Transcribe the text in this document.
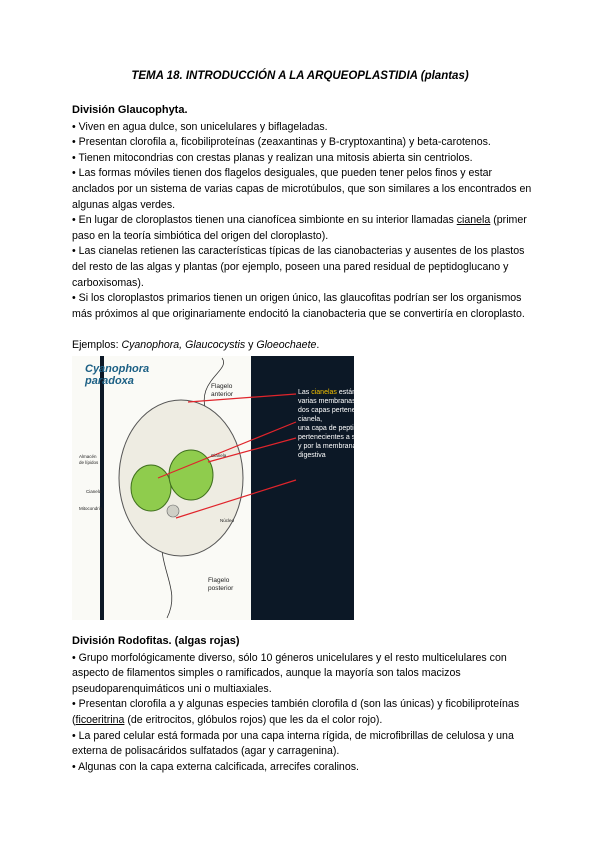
TEMA 18. INTRODUCCIÓN A LA ARQUEOPLASTIDIA (plantas)
División Glaucophyta.

• Viven en agua dulce, son unicelulares y biflageladas.

• Presentan clorofila a, ficobiliproteínas (zeaxantinas y B-cryptoxantina) y beta-carotenos.

• Tienen mitocondrias con crestas planas y realizan una mitosis abierta sin centriolos.

• Las formas móviles tienen dos flagelos desiguales, que pueden tener pelos finos y estar anclados por un sistema de varias capas de microtúbulos, que son similares a los encontrados en algunas algas verdes.

• En lugar de cloroplastos tienen una cianofícea simbionte en su interior llamadas cianela (primer paso en la teoría simbiótica del origen del cloroplasto).

• Las cianelas retienen las características típicas de las cianobacterias y ausentes de los plastos del resto de las algas y plantas (por ejemplo, poseen una pared residual de peptidoglucano y carboxisomas).

• Si los cloroplastos primarios tienen un origen único, las glaucofitas podrían ser los organismos más próximos al que originariamente endocitó la cianobacteria que se convertiría en cloroplasto.

Ejemplos: Cyanophora, Glaucocystis y Gloeochaete.
Cyanophora
paradoxa	Flagelo
anterior
Flagelo
posterior
Almacén
de lípidos
Cianela
Mitocondria
Cianela
Núcleo
Las cianelas están envueltas por varias membranas:
dos capas pertenecientes a la cianela,
una capa de peptidoglucanos, pertenecientes a su antigua pared
y por la membrana de la vacuola digestiva
División Rodofitas. (algas rojas)

• Grupo morfológicamente diverso, sólo 10 géneros unicelulares y el resto multicelulares con aspecto de filamentos simples o ramificados, aunque la mayoría son talos macizos pseudoparenquimáticos uni o multiaxiales.

• Presentan clorofila a y algunas especies también clorofila d (son las únicas) y ficobiliproteínas (ficoeritrina (de eritrocitos, glóbulos rojos) que les da el color rojo).

• La pared celular está formada por una capa interna rígida, de microfibrillas de celulosa y una externa de polisacáridos sulfatados (agar y carragenina).

• Algunas con la capa externa calcificada, arrecifes coralinos.
